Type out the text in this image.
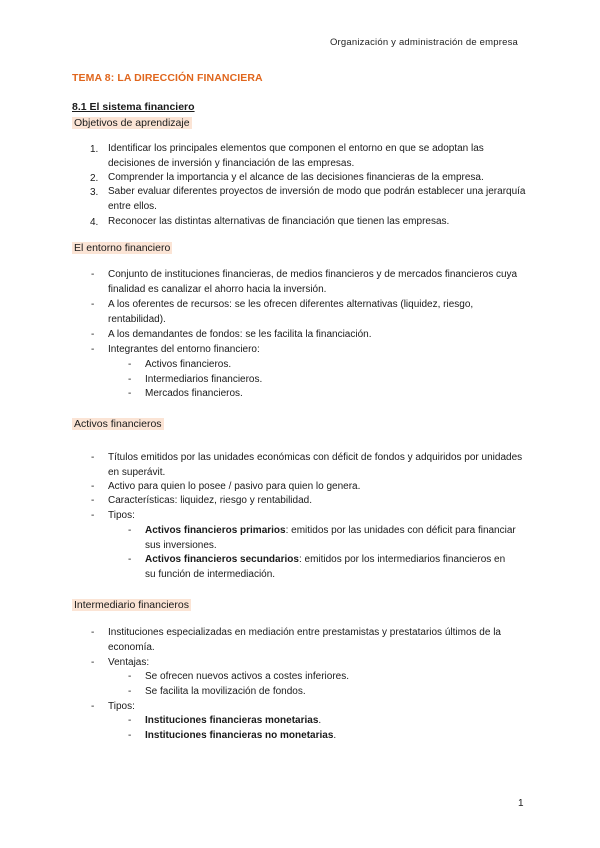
Organización y administración de empresa
TEMA 8: LA DIRECCIÓN FINANCIERA
8.1 El sistema financiero
Objetivos de aprendizaje
1. Identificar los principales elementos que componen el entorno en que se adoptan las decisiones de inversión y financiación de las empresas.
2. Comprender la importancia y el alcance de las decisiones financieras de la empresa.
3. Saber evaluar diferentes proyectos de inversión de modo que podrán establecer una jerarquía entre ellos.
4. Reconocer las distintas alternativas de financiación que tienen las empresas.
El entorno financiero
- Conjunto de instituciones financieras, de medios financieros y de mercados financieros cuya finalidad es canalizar el ahorro hacia la inversión.
- A los oferentes de recursos: se les ofrecen diferentes alternativas (liquidez, riesgo, rentabilidad).
- A los demandantes de fondos: se les facilita la financiación.
- Integrantes del entorno financiero:
- Activos financieros.
- Intermediarios financieros.
- Mercados financieros.
Activos financieros
- Títulos emitidos por las unidades económicas con déficit de fondos y adquiridos por unidades en superávit.
- Activo para quien lo posee / pasivo para quien lo genera.
- Características: liquidez, riesgo y rentabilidad.
- Tipos:
- Activos financieros primarios: emitidos por las unidades con déficit para financiar sus inversiones.
- Activos financieros secundarios: emitidos por los intermediarios financieros en su función de intermediación.
Intermediario financieros
- Instituciones especializadas en mediación entre prestamistas y prestatarios últimos de la economía.
- Ventajas:
- Se ofrecen nuevos activos a costes inferiores.
- Se facilita la movilización de fondos.
- Tipos:
- Instituciones financieras monetarias.
- Instituciones financieras no monetarias.
1
